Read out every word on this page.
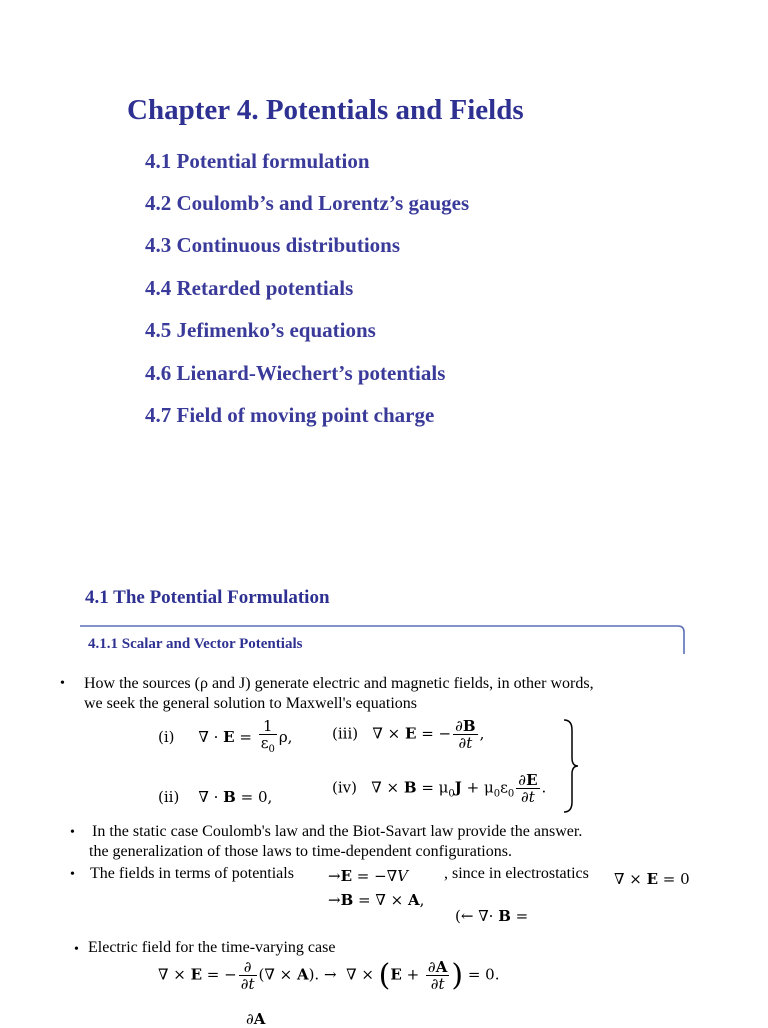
Chapter 4. Potentials and Fields
4.1 Potential formulation
4.2 Coulomb’s and Lorentz’s gauges
4.3 Continuous distributions
4.4 Retarded potentials
4.5 Jefimenko’s equations
4.6 Lienard-Wiechert’s potentials
4.7 Field of moving point charge
4.1 The Potential Formulation
4.1.1 Scalar and Vector Potentials
• How the sources (ρ and J) generate electric and magnetic fields, in other words,
we seek the general solution to Maxwell's equations
(i)     ∇ · $E = \frac{1}{\varepsilon_0} \rho$,	(iii)   ∇ × E = − $\frac{\partial B}{\partial t}$ ,
(ii)    ∇ · B = 0,
(iv)   ∇ × $B = \mu_0J + \mu_0\varepsilon_0 \frac{\partial E}{\partial t}$ .
• In the static case Coulomb's law and the Biot-Savart law provide the answer.
the generalization of those laws to time-dependent configurations.
• The fields in terms of potentials →E = −∇V , since in electrostatics ∇ × E = 0
→B = ∇ × A,
(← ∇· B =
• Electric field for the time-varying case
∇ × E = − $\frac{\partial}{\partial t}$ (∇ × A). →  ∇ × ($E + \frac{\partial A}{\partial t}$ ) = 0.
∂A
